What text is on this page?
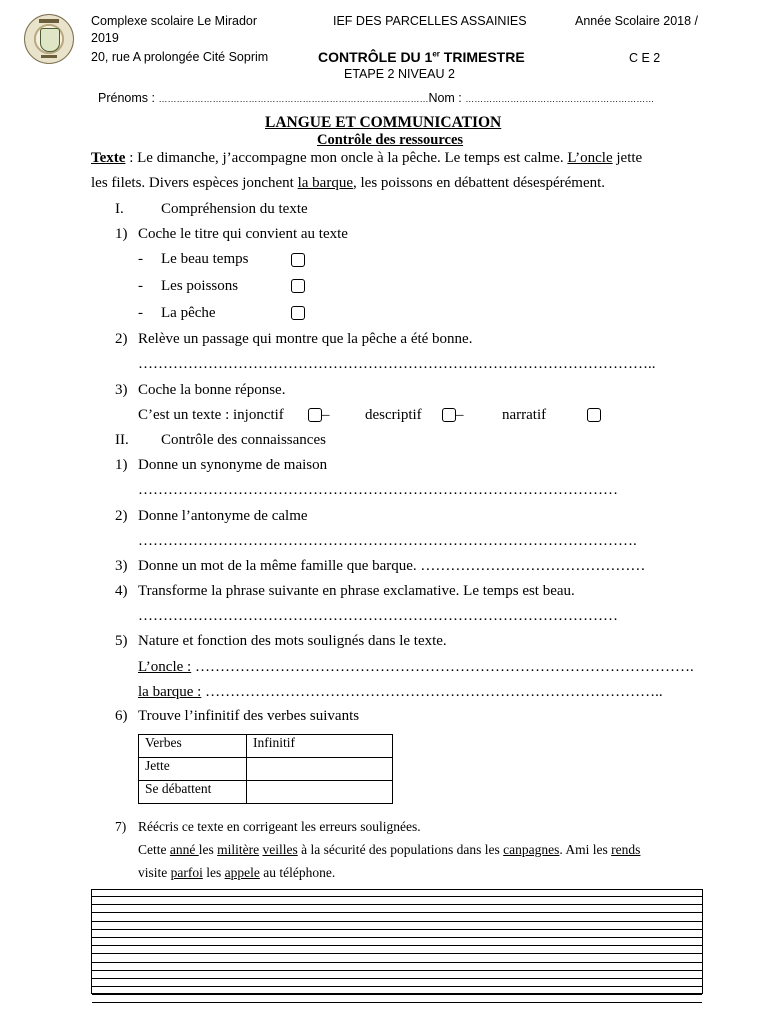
Complexe scolaire Le Mirador
2019
20, rue A prolongée Cité Soprim
IEF DES PARCELLES ASSAINIES	Année Scolaire 2018 /
CONTRÔLE DU 1er TRIMESTRE	C E 2
ETAPE 2 NIVEAU 2
Prénoms : ………………………………………………………………………………Nom : ………………………………………………………
LANGUE ET COMMUNICATION
Contrôle des ressources
Texte : Le dimanche, j’accompagne mon oncle à la pêche. Le temps est calme. L’oncle jette
les filets. Divers espèces jonchent la barque, les poissons en débattent désespérément.
I. Compréhension du texte
1) Coche le titre qui convient au texte
- Le beau temps
- Les poissons
- La pêche
2) Relève un passage qui montre que la pêche a été bonne.
…………………………………………………………………………………………..
3) Coche la bonne réponse.
C’est un texte : injonctif	– descriptif –	narratif
II. Contrôle des connaissances
1) Donne un synonyme de maison
……………………………………………………………………………………
2) Donne l’antonyme de calme
……………………………………………………………………………………….
3) Donne un mot de la même famille que barque. ………………………………………
4) Transforme la phrase suivante en phrase exclamative. Le temps est beau.
……………………………………………………………………………………
5) Nature et fonction des mots soulignés dans le texte.
L’oncle : ……………………………………………………………………………………….
la barque : ………………………………………………………………………………..
6) Trouve l’infinitif des verbes suivants
Verbes	Infinitif
Jette	
Se débattent	
7) Réécris ce texte en corrigeant les erreurs soulignées.
Cette anné les militère veilles à la sécurité des populations dans les canpagnes. Ami les rends
visite parfoi les appele au téléphone.
